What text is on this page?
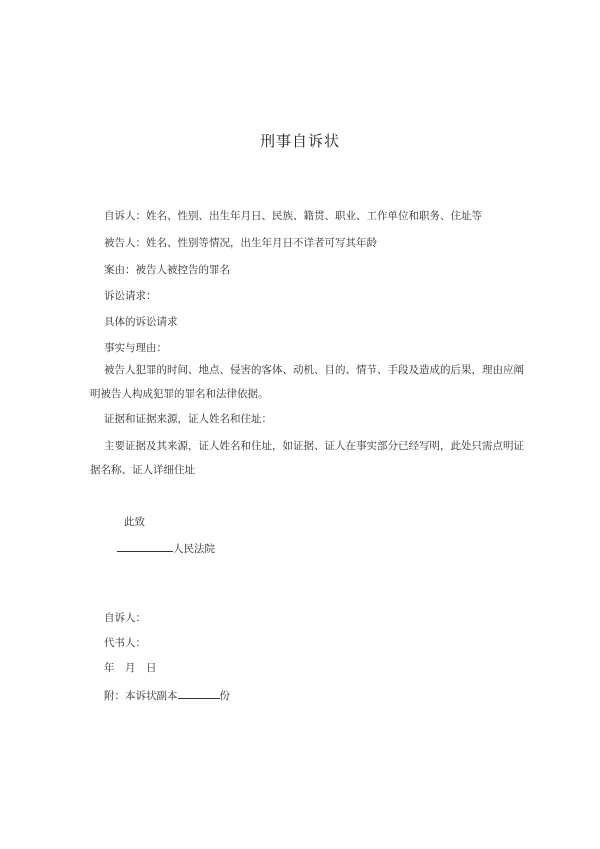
刑事自诉状
自诉人：姓名、性别、出生年月日、民族、籍贯、职业、工作单位和职务、住址等
被告人：姓名、性别等情况，出生年月日不详者可写其年龄
案由：被告人被控告的罪名
诉讼请求：
具体的诉讼请求
事实与理由：
被告人犯罪的时间、地点、侵害的客体、动机、目的、情节、手段及造成的后果，理由应阐
明被告人构成犯罪的罪名和法律依据。
证据和证据来源，证人姓名和住址：
主要证据及其来源，证人姓名和住址，如证据、证人在事实部分已经写明，此处只需点明证
据名称、证人详细住址
此致
人民法院
自诉人：
代书人：
年　月　日
附：本诉状副本	份
